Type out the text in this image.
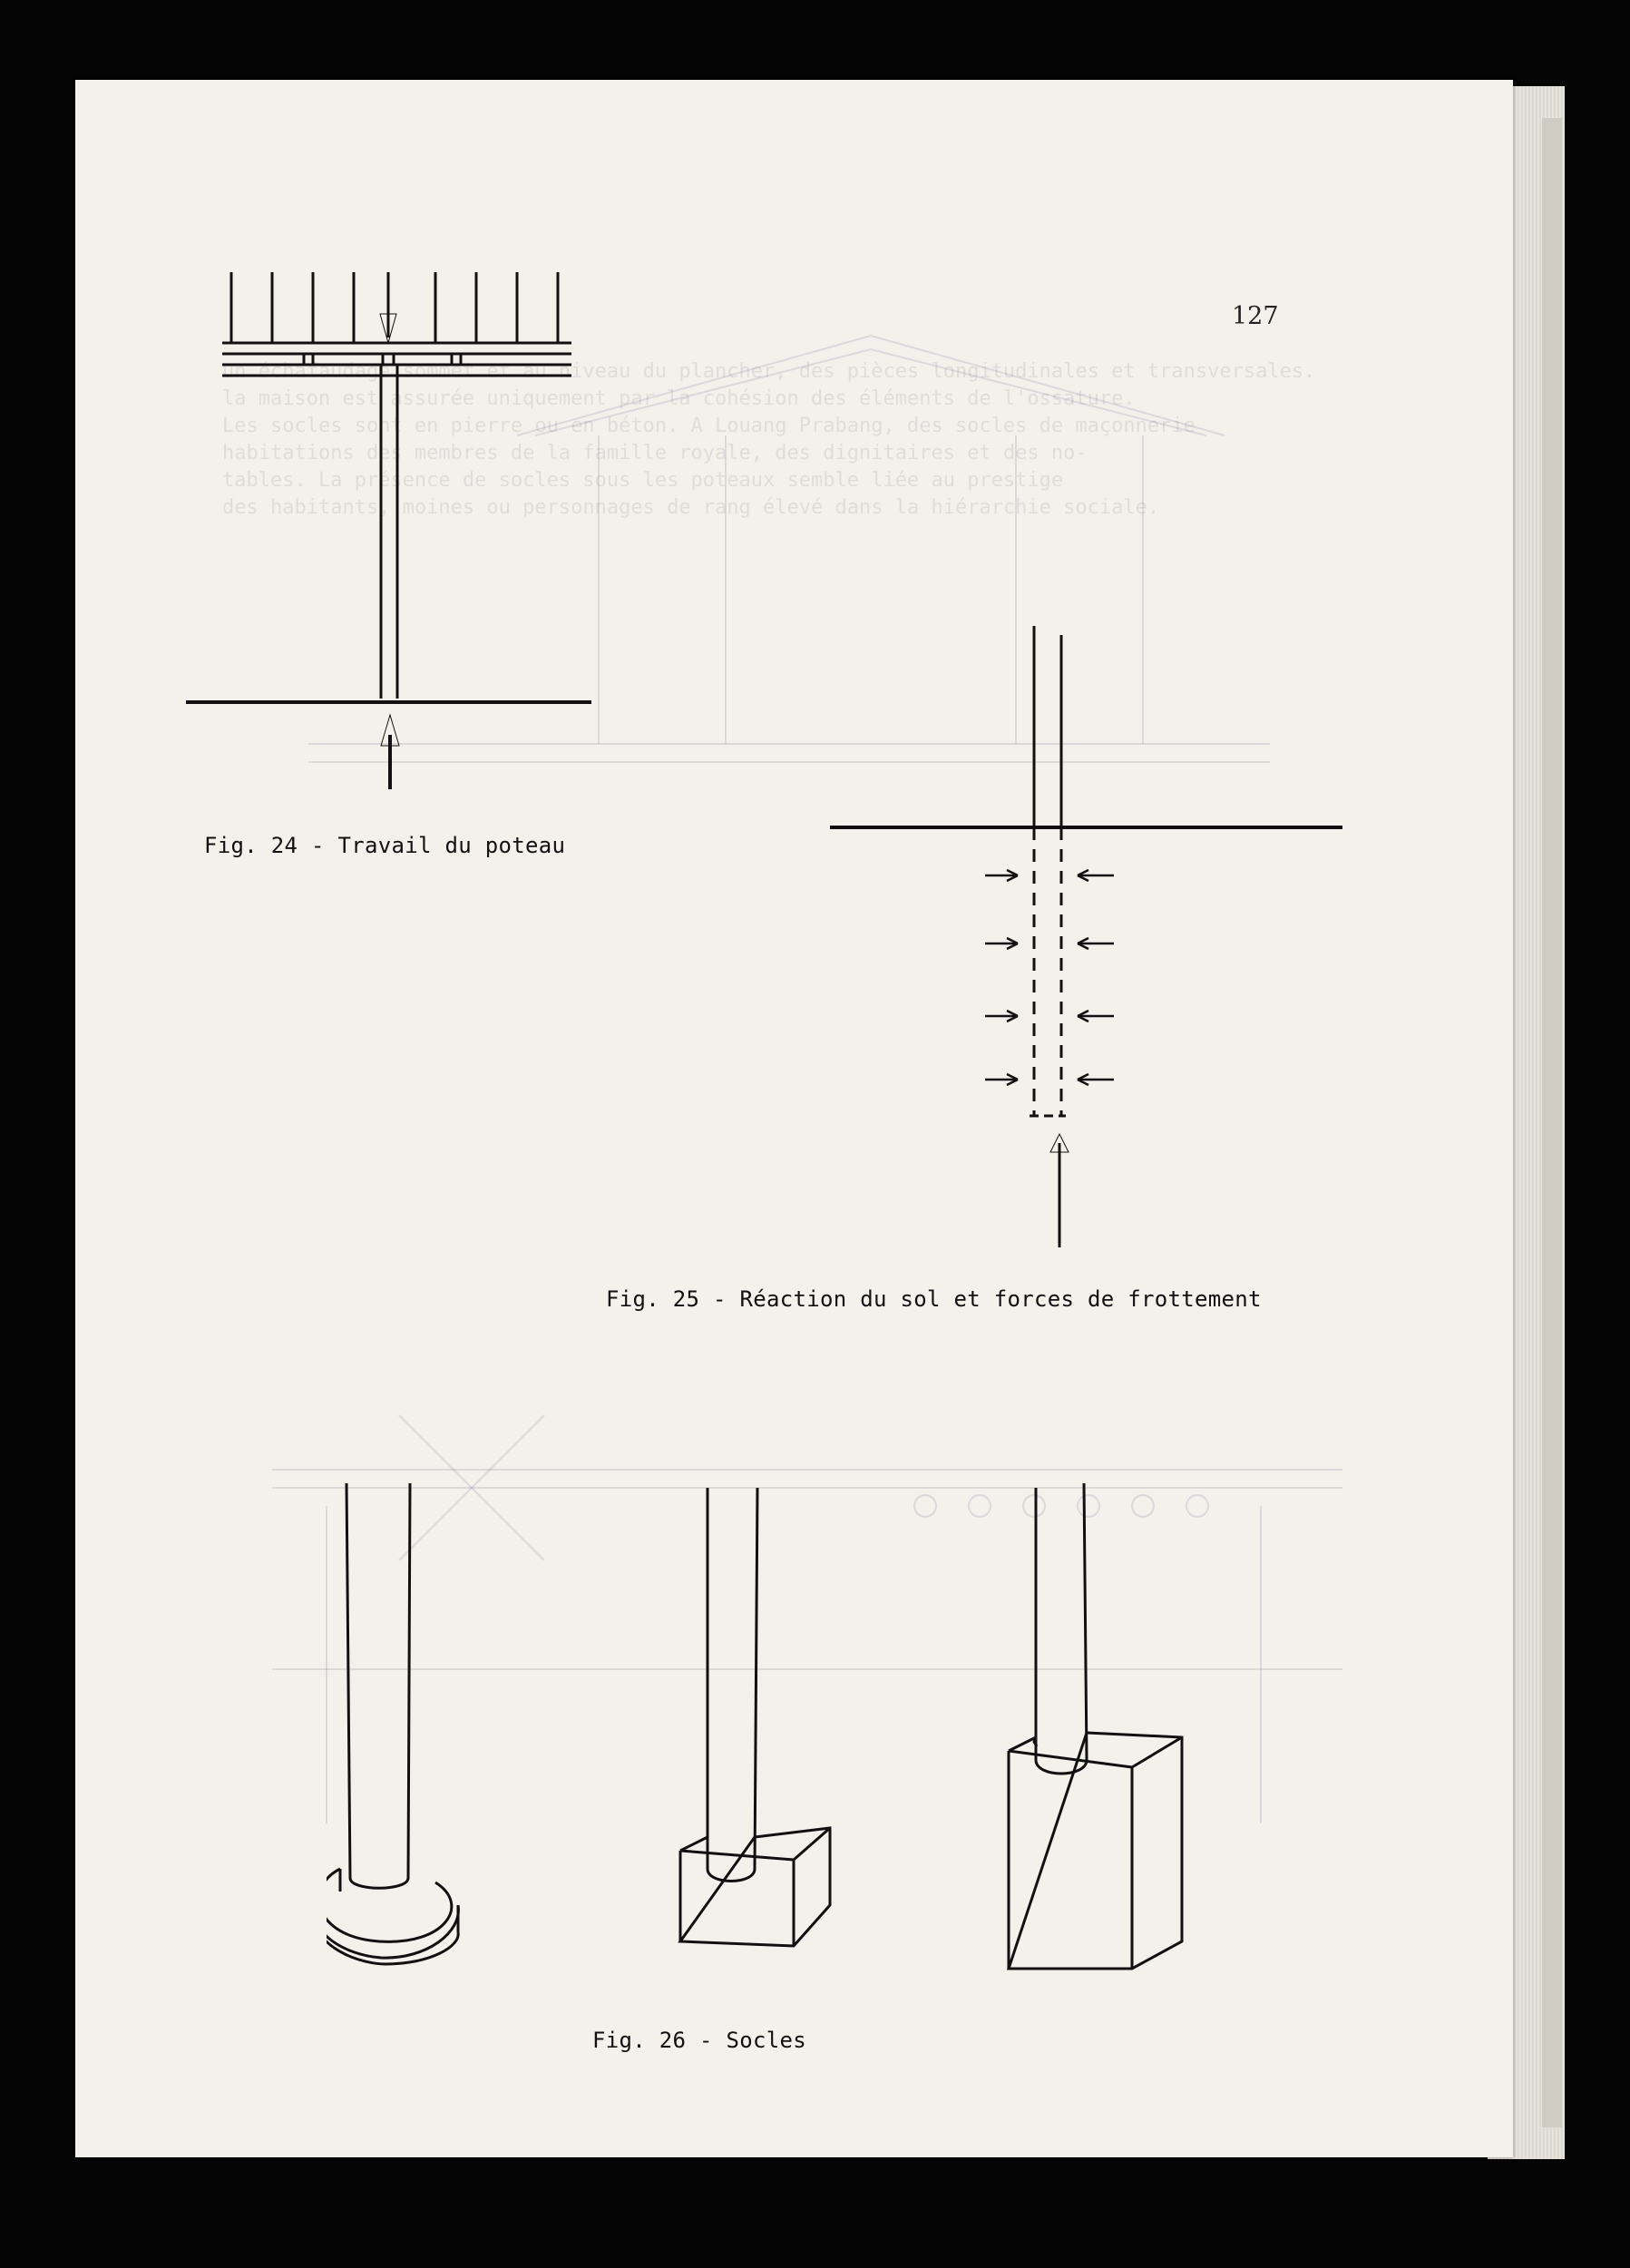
127
Fig. 24 - Travail du poteau
Fig. 25 - Réaction du sol et forces de frottement
Fig. 26 - Socles
